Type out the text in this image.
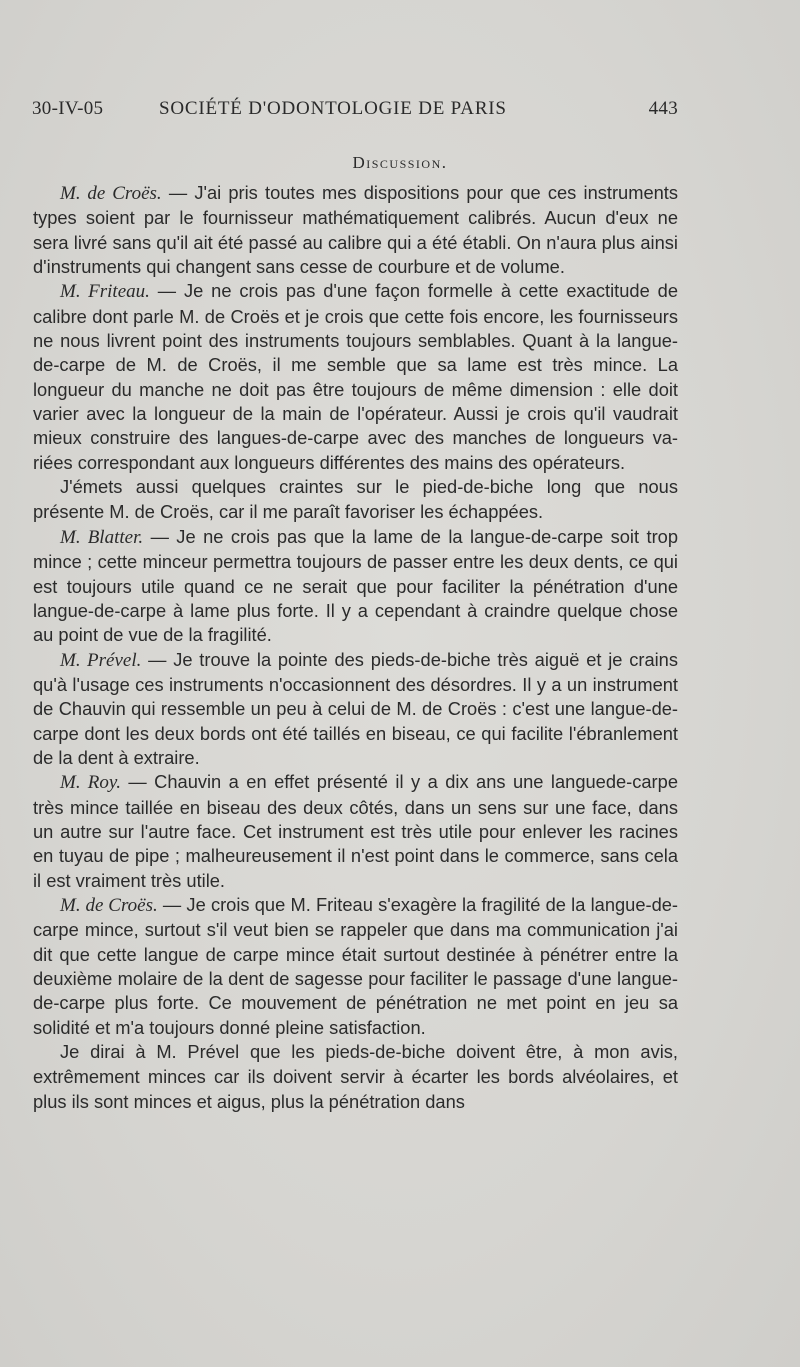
30-IV-05	SOCIÉTÉ D'ODONTOLOGIE DE PARIS	443
Discussion.

M. de Croës. — J'ai pris toutes mes dispositions pour que ces instruments types soient par le fournisseur mathématiquement calibrés. Aucun d'eux ne sera livré sans qu'il ait été passé au calibre qui a été établi. On n'aura plus ainsi d'instruments qui changent sans cesse de courbure et de volume.

M. Friteau. — Je ne crois pas d'une façon formelle à cette exactitude de calibre dont parle M. de Croës et je crois que cette fois encore, les fournisseurs ne nous livrent point des instruments toujours semblables. Quant à la langue-de-carpe de M. de Croës, il me semble que sa lame est très mince. La longueur du manche ne doit pas être toujours de même dimension : elle doit varier avec la longueur de la main de l'opérateur. Aussi je crois qu'il vaudrait mieux construire des langues-de-carpe avec des manches de longueurs variées correspondant aux longueurs différentes des mains des opérateurs.

J'émets aussi quelques craintes sur le pied-de-biche long que nous présente M. de Croës, car il me paraît favoriser les échappées.

M. Blatter. — Je ne crois pas que la lame de la langue-de-carpe soit trop mince ; cette minceur permettra toujours de passer entre les deux dents, ce qui est toujours utile quand ce ne serait que pour faciliter la pénétration d'une langue-de-carpe à lame plus forte. Il y a cependant à craindre quelque chose au point de vue de la fragilité.

M. Prével. — Je trouve la pointe des pieds-de-biche très aiguë et je crains qu'à l'usage ces instruments n'occasionnent des désordres. Il y a un instrument de Chauvin qui ressemble un peu à celui de M. de Croës : c'est une langue-de-carpe dont les deux bords ont été taillés en biseau, ce qui facilite l'ébranlement de la dent à extraire.

M. Roy. — Chauvin a en effet présenté il y a dix ans une languede-carpe très mince taillée en biseau des deux côtés, dans un sens sur une face, dans un autre sur l'autre face. Cet instrument est très utile pour enlever les racines en tuyau de pipe ; malheureusement il n'est point dans le commerce, sans cela il est vraiment très utile.

M. de Croës. — Je crois que M. Friteau s'exagère la fragilité de la langue-de-carpe mince, surtout s'il veut bien se rappeler que dans ma communication j'ai dit que cette langue de carpe mince était surtout destinée à pénétrer entre la deuxième molaire de la dent de sagesse pour faciliter le passage d'une langue-de-carpe plus forte. Ce mouvement de pénétration ne met point en jeu sa solidité et m'a toujours donné pleine satisfaction.

Je dirai à M. Prével que les pieds-de-biche doivent être, à mon avis, extrêmement minces car ils doivent servir à écarter les bords alvéolaires, et plus ils sont minces et aigus, plus la pénétration dans
